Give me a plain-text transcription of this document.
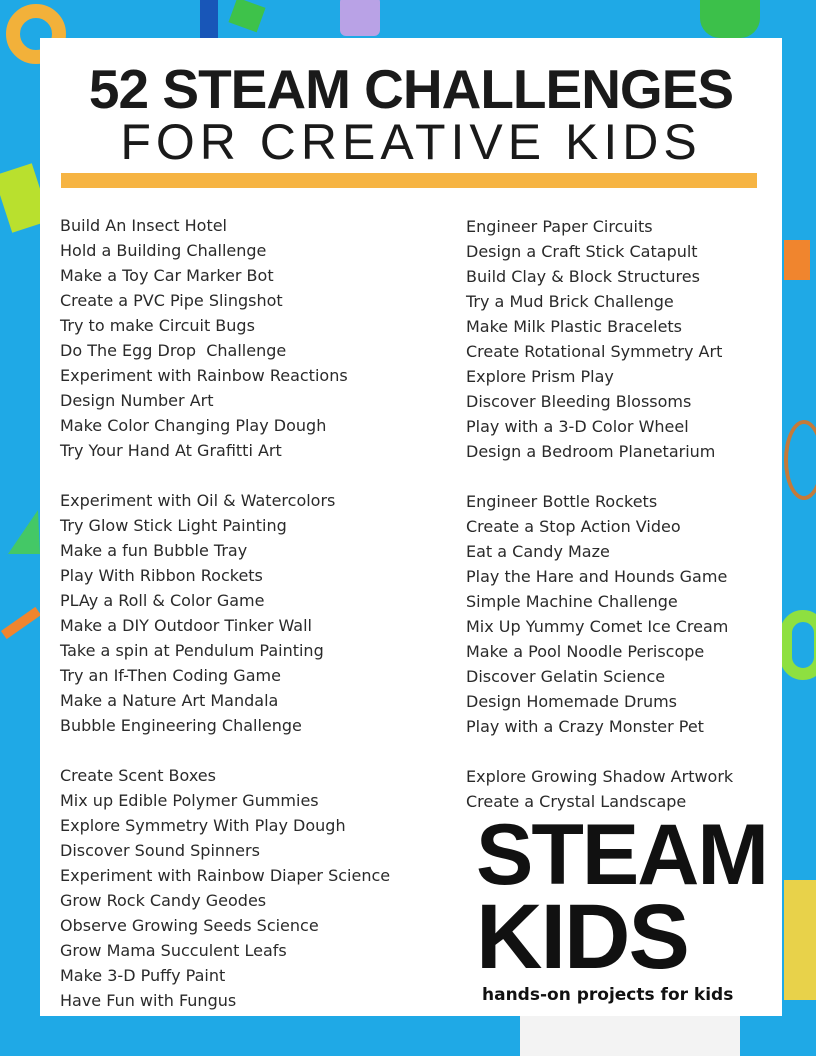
52 STEAM CHALLENGES
FOR CREATIVE KIDS
Build An Insect Hotel
Hold a Building Challenge
Make a Toy Car Marker Bot
Create a PVC Pipe Slingshot
Try to make Circuit Bugs
Do The Egg Drop  Challenge
Experiment with Rainbow Reactions
Design Number Art
Make Color Changing Play Dough
Try Your Hand At Grafitti Art
Experiment with Oil & Watercolors
Try Glow Stick Light Painting
Make a fun Bubble Tray
Play With Ribbon Rockets
PLAy a Roll & Color Game
Make a DIY Outdoor Tinker Wall
Take a spin at Pendulum Painting
Try an If-Then Coding Game
Make a Nature Art Mandala
Bubble Engineering Challenge
Create Scent Boxes
Mix up Edible Polymer Gummies
Explore Symmetry With Play Dough
Discover Sound Spinners
Experiment with Rainbow Diaper Science
Grow Rock Candy Geodes
Observe Growing Seeds Science
Grow Mama Succulent Leafs
Make 3-D Puffy Paint
Have Fun with Fungus
Engineer Paper Circuits
Design a Craft Stick Catapult
Build Clay & Block Structures
Try a Mud Brick Challenge
Make Milk Plastic Bracelets
Create Rotational Symmetry Art
Explore Prism Play
Discover Bleeding Blossoms
Play with a 3-D Color Wheel
Design a Bedroom Planetarium
Engineer Bottle Rockets
Create a Stop Action Video
Eat a Candy Maze
Play the Hare and Hounds Game
Simple Machine Challenge
Mix Up Yummy Comet Ice Cream
Make a Pool Noodle Periscope
Discover Gelatin Science
Design Homemade Drums
Play with a Crazy Monster Pet
Explore Growing Shadow Artwork
Create a Crystal Landscape
STEAM
KIDS
hands-on projects for kids
